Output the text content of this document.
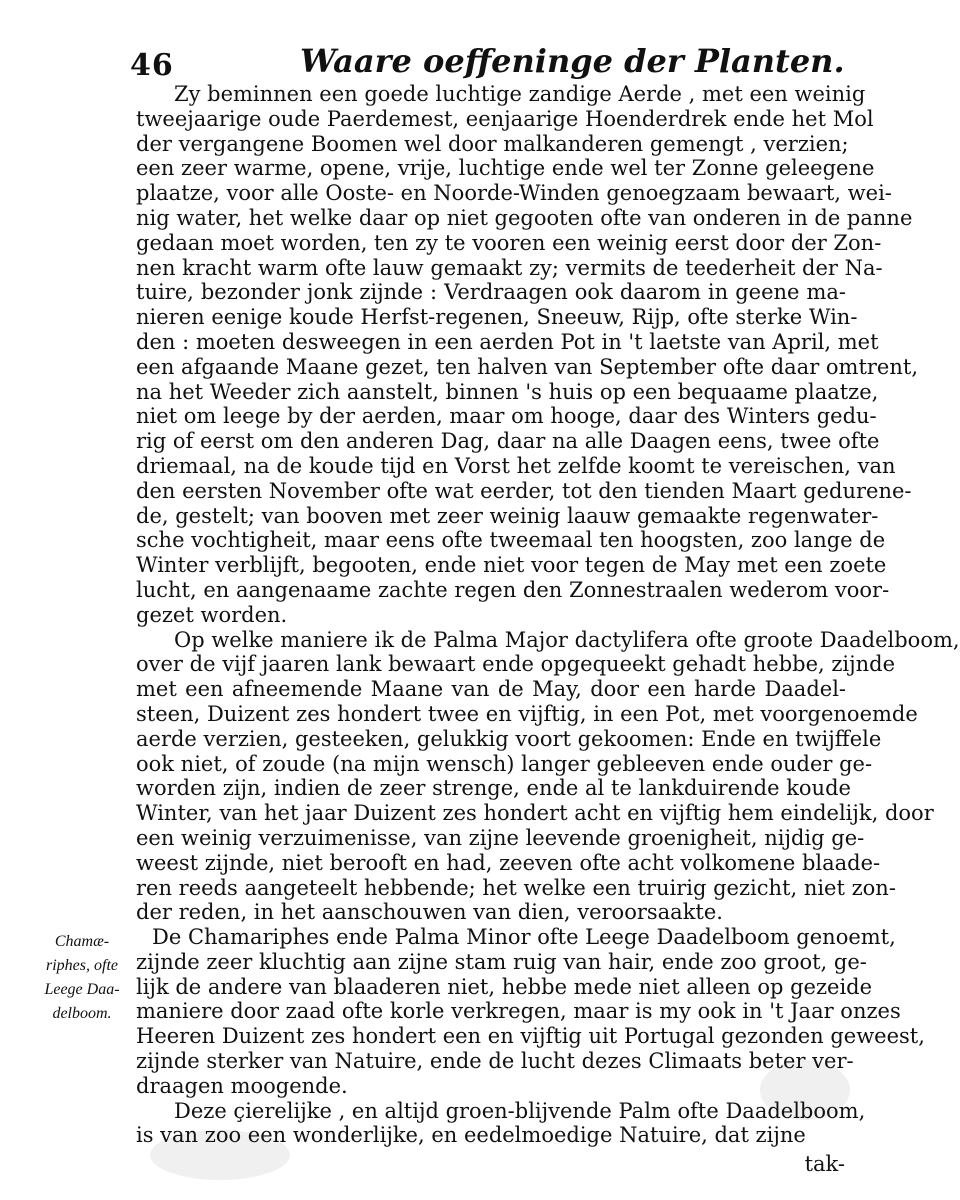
46	Waare oeffeninge der Planten.
Zy beminnen een goede luchtige zandige Aerde , met een weinig
tweejaarige oude Paerdemest, eenjaarige Hoenderdrek ende het Mol
der vergangene Boomen wel door malkanderen gemengt , verzien;
een zeer warme, opene, vrije, luchtige ende wel ter Zonne geleegene
plaatze, voor alle Ooste- en Noorde-Winden genoegzaam bewaart, wei-
nig water, het welke daar op niet gegooten ofte van onderen in de panne
gedaan moet worden, ten zy te vooren een weinig eerst door der Zon-
nen kracht warm ofte lauw gemaakt zy; vermits de teederheit der Na-
tuire, bezonder jonk zijnde : Verdraagen ook daarom in geene ma-
nieren eenige koude Herfst-regenen, Sneeuw, Rijp, ofte sterke Win-
den : moeten desweegen in een aerden Pot in 't laetste van April, met
een afgaande Maane gezet, ten halven van September ofte daar omtrent,
na het Weeder zich aanstelt, binnen 's huis op een bequaame plaatze,
niet om leege by der aerden, maar om hooge, daar des Winters gedu-
rig of eerst om den anderen Dag, daar na alle Daagen eens, twee ofte
driemaal, na de koude tijd en Vorst het zelfde koomt te vereischen, van
den eersten November ofte wat eerder, tot den tienden Maart gedurene-
de, gestelt; van booven met zeer weinig laauw gemaakte regenwater-
sche vochtigheit, maar eens ofte tweemaal ten hoogsten, zoo lange de
Winter verblijft, begooten, ende niet voor tegen de May met een zoete
lucht, en aangenaame zachte regen den Zonnestraalen wederom voor-
gezet worden.
Op welke maniere ik de Palma Major dactylifera ofte groote Daadelboom,
over de vijf jaaren lank bewaart ende opgequeekt gehadt hebbe, zijnde
met een afneemende Maane van de May, door een harde Daadel-
steen, Duizent zes hondert twee en vijftig, in een Pot, met voorgenoemde
aerde verzien, gesteeken, gelukkig voort gekoomen: Ende en twijffele
ook niet, of zoude (na mijn wensch) langer gebleeven ende ouder ge-
worden zijn, indien de zeer strenge, ende al te lankduirende koude
Winter, van het jaar Duizent zes hondert acht en vijftig hem eindelijk, door
een weinig verzuimenisse, van zijne leevende groenigheit, nijdig ge-
weest zijnde, niet berooft en had, zeeven ofte acht volkomene blaade-
ren reeds aangeteelt hebbende; het welke een truirig gezicht, niet zon-
der reden, in het aanschouwen van dien, veroorsaakte.
De Chamariphes ende Palma Minor ofte Leege Daadelboom genoemt,
zijnde zeer kluchtig aan zijne stam ruig van hair, ende zoo groot, ge-
lijk de andere van blaaderen niet, hebbe mede niet alleen op gezeide
maniere door zaad ofte korle verkregen, maar is my ook in 't Jaar onzes
Heeren Duizent zes hondert een en vijftig uit Portugal gezonden geweest,
zijnde sterker van Natuire, ende de lucht dezes Climaats beter ver-
draagen moogende.
Deze çierelijke , en altijd groen-blijvende Palm ofte Daadelboom,
is van zoo een wonderlijke, en eedelmoedige Natuire, dat zijne
Chamæ-
riphes, ofte
Leege Daa-
delboom.
tak-
